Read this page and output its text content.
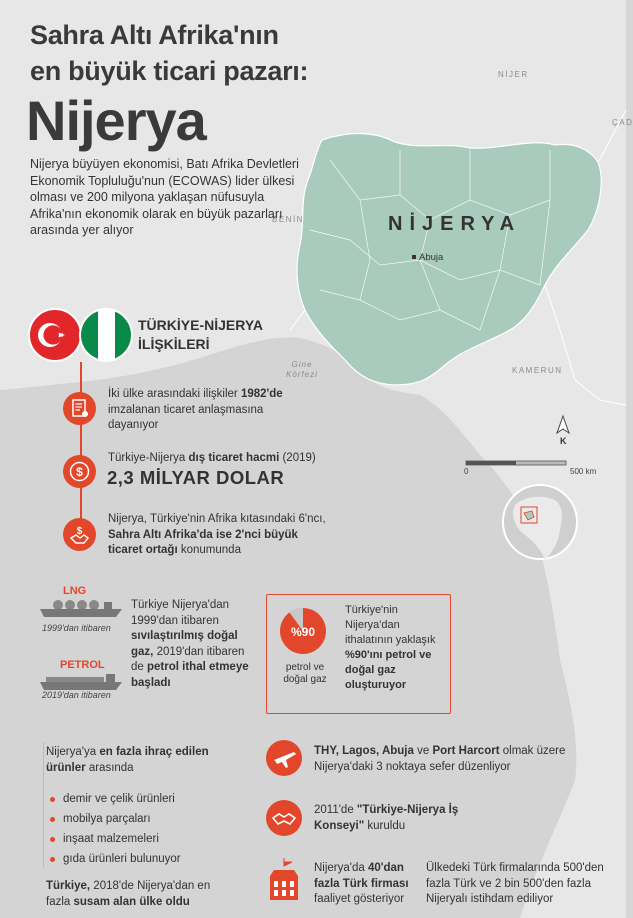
NİJER
BENİN
KAMERUN
ÇAD
NİJERYA
Abuja
Gine
Körfezi
K
0	500 km
Sahra Altı Afrika'nın
en büyük ticari pazarı:
Nijerya
Nijerya büyüyen ekonomisi, Batı Afrika Devletleri Ekonomik Topluluğu'nun (ECOWAS) lider ülkesi olması ve 200 milyona yaklaşan nüfusuyla Afrika'nın ekonomik olarak en büyük pazarları arasında yer alıyor
TÜRKİYE-NİJERYA
İLİŞKİLERİ
İki ülke arasındaki ilişkiler 1982'de imzalanan ticaret anlaşmasına dayanıyor
$
Türkiye-Nijerya dış ticaret hacmi (2019)
2,3 MİLYAR DOLAR
$
Nijerya, Türkiye'nin Afrika kıtasındaki 6'ncı, Sahra Altı Afrika'da ise 2'nci büyük ticaret ortağı konumunda
LNG
1999'dan itibaren
PETROL
2019'dan itibaren
Türkiye Nijerya'dan 1999'dan itibaren sıvılaştırılmış doğal gaz, 2019'dan itibaren de petrol ithal etmeye başladı
%90
petrol ve doğal gaz
Türkiye'nin Nijerya'dan ithalatının yaklaşık %90'ını petrol ve doğal gaz oluşturuyor
Nijerya'ya en fazla ihraç edilen ürünler arasında
demir ve çelik ürünleri
mobilya parçaları
inşaat malzemeleri
gıda ürünleri bulunuyor
Türkiye, 2018'de Nijerya'dan en fazla susam alan ülke oldu
THY, Lagos, Abuja ve Port Harcort olmak üzere Nijerya'daki 3 noktaya sefer düzenliyor
2011'de "Türkiye-Nijerya İş Konseyi" kuruldu
Nijerya'da 40'dan fazla Türk firması faaliyet gösteriyor
Ülkedeki Türk firmalarında 500'den fazla Türk ve 2 bin 500'den fazla Nijeryalı istihdam ediliyor
